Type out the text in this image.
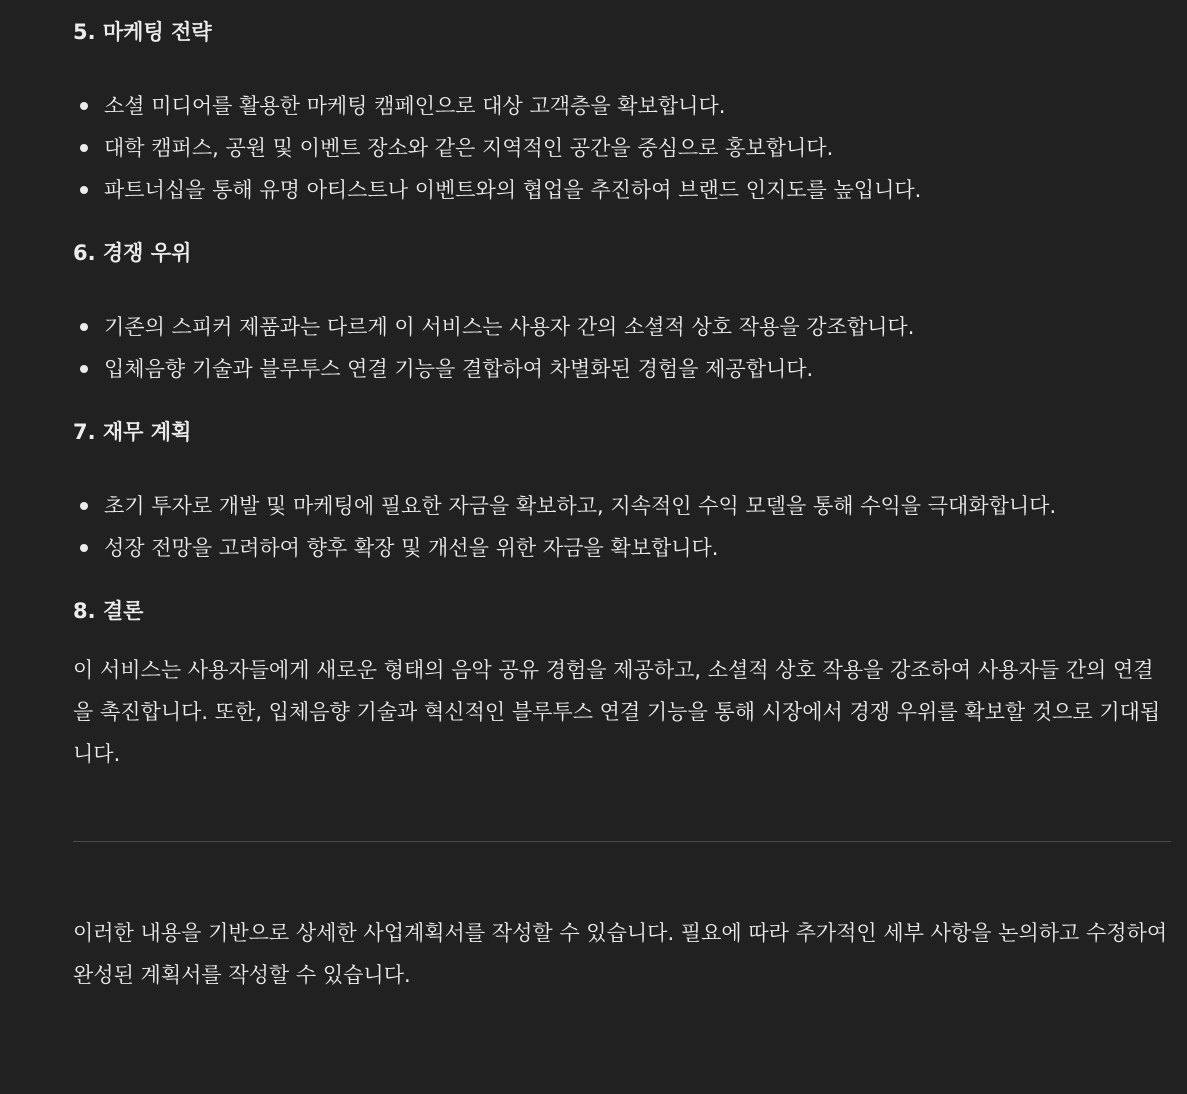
5. 마케팅 전략
소셜 미디어를 활용한 마케팅 캠페인으로 대상 고객층을 확보합니다.
대학 캠퍼스, 공원 및 이벤트 장소와 같은 지역적인 공간을 중심으로 홍보합니다.
파트너십을 통해 유명 아티스트나 이벤트와의 협업을 추진하여 브랜드 인지도를 높입니다.
6. 경쟁 우위
기존의 스피커 제품과는 다르게 이 서비스는 사용자 간의 소셜적 상호 작용을 강조합니다.
입체음향 기술과 블루투스 연결 기능을 결합하여 차별화된 경험을 제공합니다.
7. 재무 계획
초기 투자로 개발 및 마케팅에 필요한 자금을 확보하고, 지속적인 수익 모델을 통해 수익을 극대화합니다.
성장 전망을 고려하여 향후 확장 및 개선을 위한 자금을 확보합니다.
8. 결론

이 서비스는 사용자들에게 새로운 형태의 음악 공유 경험을 제공하고, 소셜적 상호 작용을 강조하여 사용자들 간의 연결을 촉진합니다. 또한, 입체음향 기술과 혁신적인 블루투스 연결 기능을 통해 시장에서 경쟁 우위를 확보할 것으로 기대됩니다.

이러한 내용을 기반으로 상세한 사업계획서를 작성할 수 있습니다. 필요에 따라 추가적인 세부 사항을 논의하고 수정하여 완성된 계획서를 작성할 수 있습니다.
